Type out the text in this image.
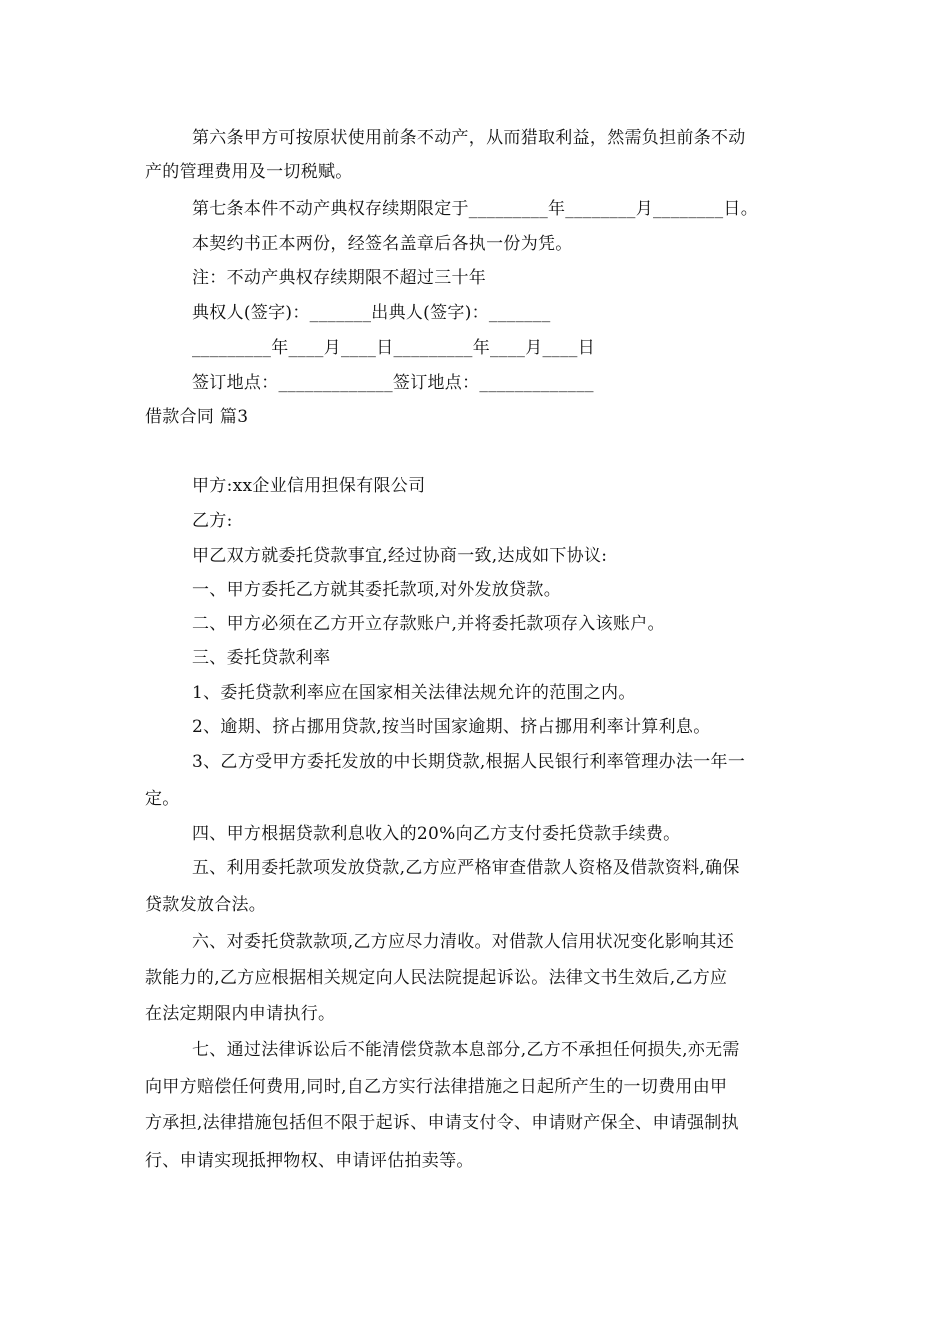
第六条甲方可按原状使用前条不动产，从而猎取利益，然需负担前条不动
产的管理费用及一切税赋。
第七条本件不动产典权存续期限定于_________年________月________日。
本契约书正本两份，经签名盖章后各执一份为凭。
注：不动产典权存续期限不超过三十年
典权人(签字)：_______出典人(签字)：_______
_________年____月____日_________年____月____日
签订地点：_____________签订地点：_____________
借款合同 篇3
甲方:xx企业信用担保有限公司
乙方:
甲乙双方就委托贷款事宜,经过协商一致,达成如下协议:
一、甲方委托乙方就其委托款项,对外发放贷款。
二、甲方必须在乙方开立存款账户,并将委托款项存入该账户。
三、委托贷款利率
1、委托贷款利率应在国家相关法律法规允许的范围之内。
2、逾期、挤占挪用贷款,按当时国家逾期、挤占挪用利率计算利息。
3、乙方受甲方委托发放的中长期贷款,根据人民银行利率管理办法一年一
定。
四、甲方根据贷款利息收入的20%向乙方支付委托贷款手续费。
五、利用委托款项发放贷款,乙方应严格审查借款人资格及借款资料,确保
贷款发放合法。
六、对委托贷款款项,乙方应尽力清收。对借款人信用状况变化影响其还
款能力的,乙方应根据相关规定向人民法院提起诉讼。法律文书生效后,乙方应
在法定期限内申请执行。
七、通过法律诉讼后不能清偿贷款本息部分,乙方不承担任何损失,亦无需
向甲方赔偿任何费用,同时,自乙方实行法律措施之日起所产生的一切费用由甲
方承担,法律措施包括但不限于起诉、申请支付令、申请财产保全、申请强制执
行、申请实现抵押物权、申请评估拍卖等。
